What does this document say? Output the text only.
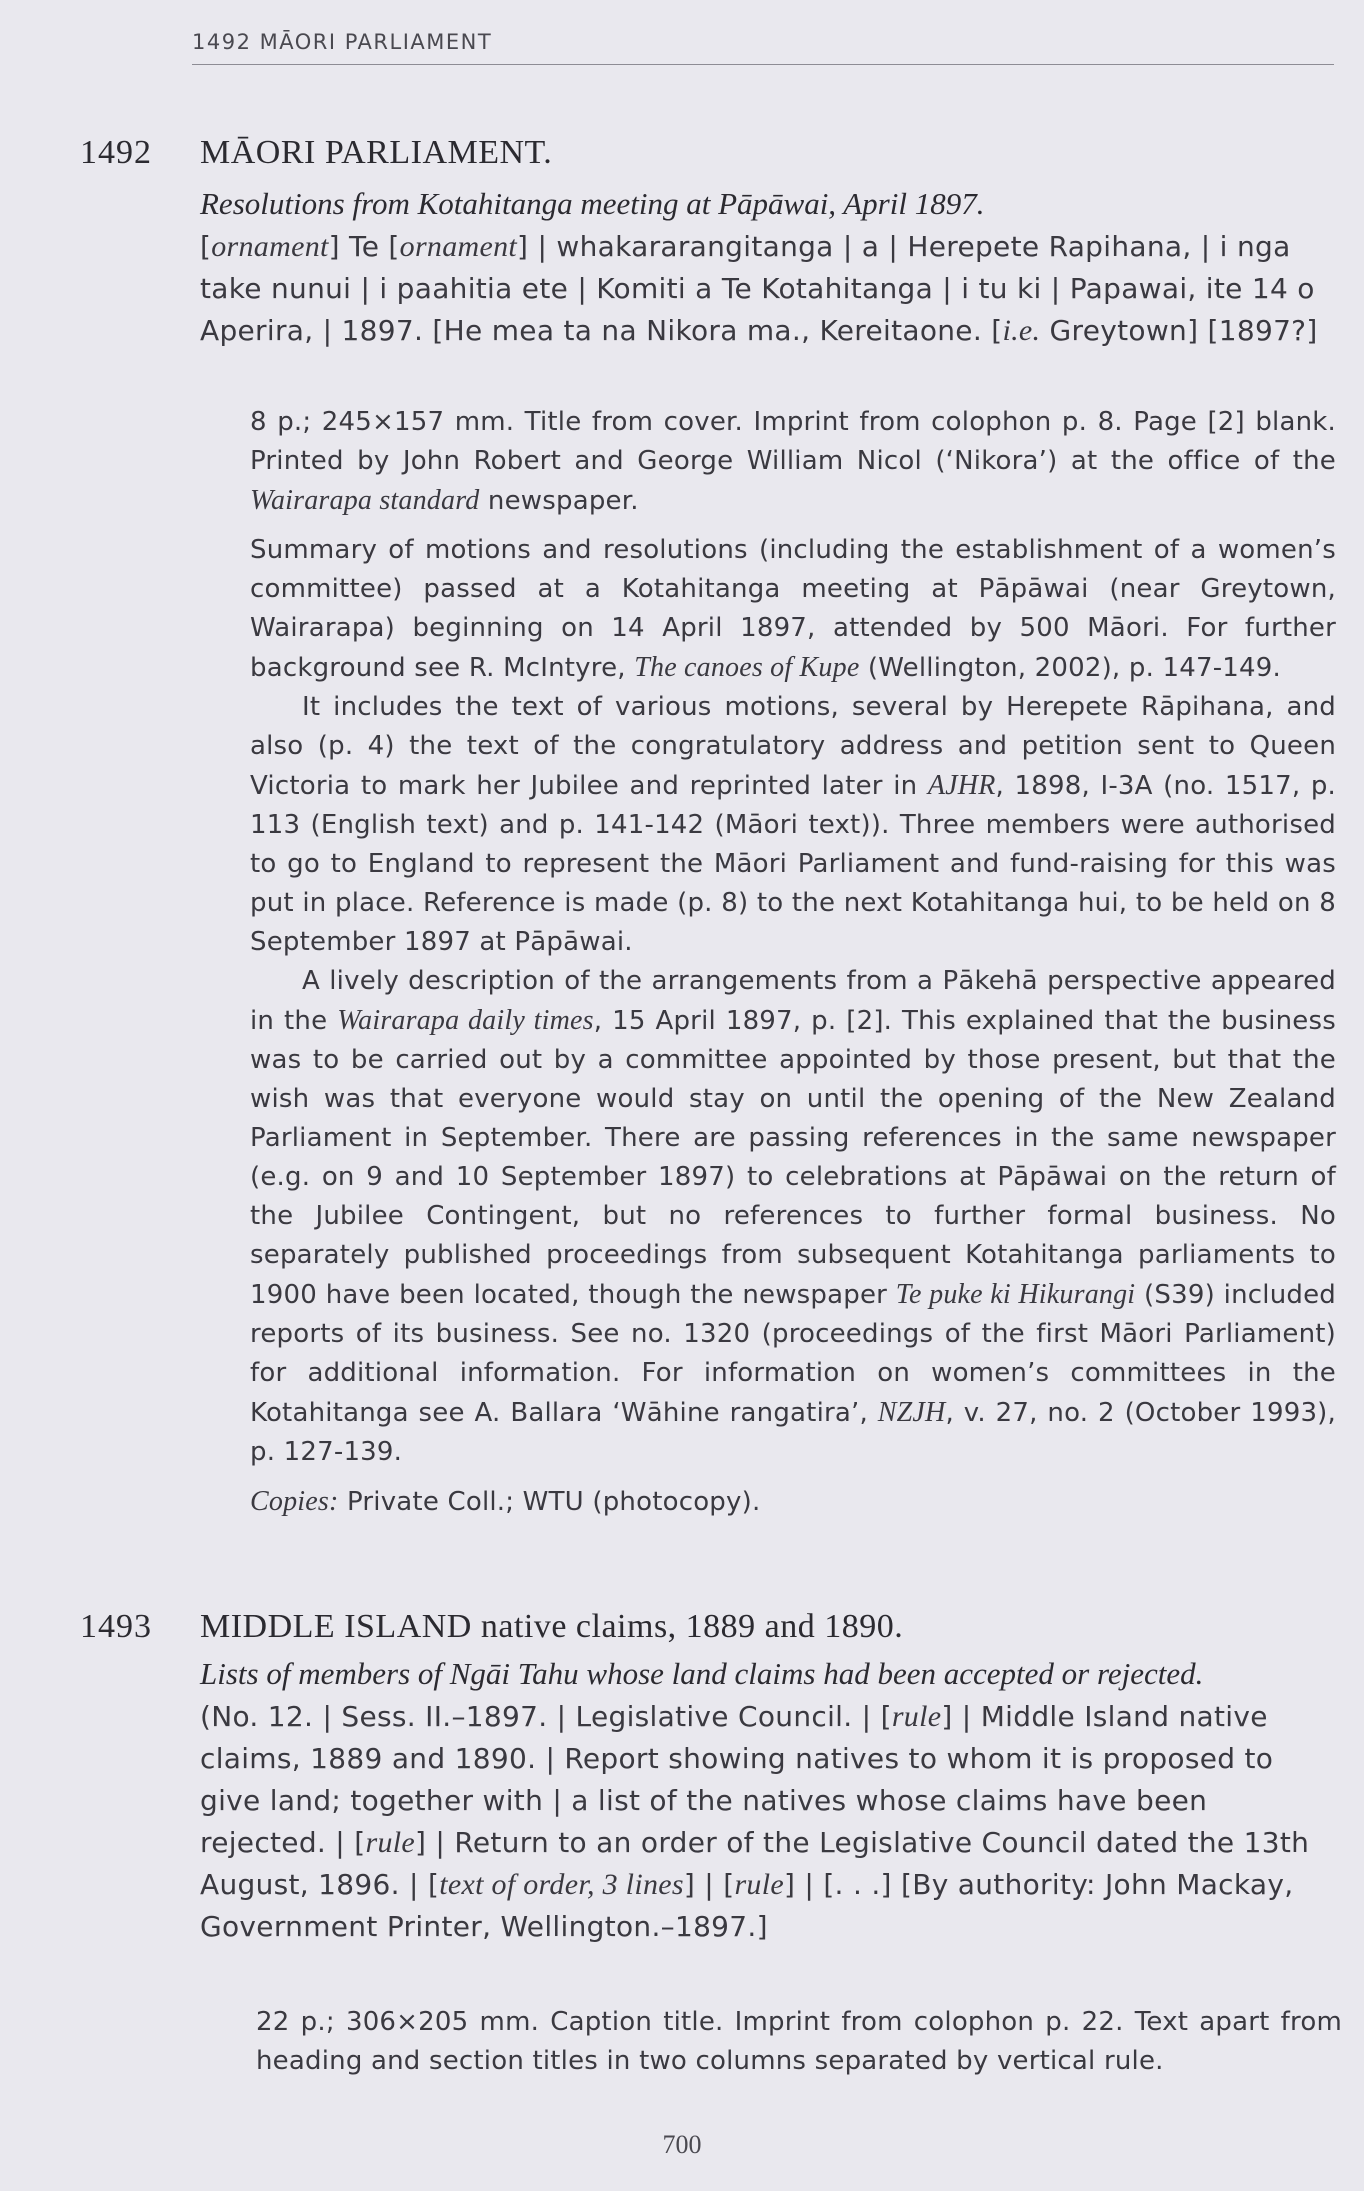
1492 MĀORI PARLIAMENT
1492 MĀORI PARLIAMENT.

Resolutions from Kotahitanga meeting at Pāpāwai, April 1897.

[ornament] Te [ornament] | whakararangitanga | a | Herepete Rapihana, | i nga take nunui | i paahitia ete | Komiti a Te Kotahitanga | i tu ki | Papawai, ite 14 o Aperira, | 1897. [He mea ta na Nikora ma., Kereitaone. [i.e. Greytown] [1897?]

8 p.; 245×157 mm. Title from cover. Imprint from colophon p. 8. Page [2] blank. Printed by John Robert and George William Nicol (‘Nikora’) at the office of the Wairarapa standard newspaper.

Summary of motions and resolutions (including the establishment of a women’s committee) passed at a Kotahitanga meeting at Pāpāwai (near Greytown, Wairarapa) beginning on 14 April 1897, attended by 500 Māori. For further background see R. McIntyre, The canoes of Kupe (Wellington, 2002), p. 147-149.

It includes the text of various motions, several by Herepete Rāpihana, and also (p. 4) the text of the congratulatory address and petition sent to Queen Victoria to mark her Jubilee and reprinted later in AJHR, 1898, I-3A (no. 1517, p. 113 (English text) and p. 141-142 (Māori text)). Three members were authorised to go to England to represent the Māori Parliament and fund-raising for this was put in place. Reference is made (p. 8) to the next Kotahitanga hui, to be held on 8 September 1897 at Pāpāwai.

A lively description of the arrangements from a Pākehā perspective appeared in the Wairarapa daily times, 15 April 1897, p. [2]. This explained that the business was to be carried out by a committee appointed by those present, but that the wish was that everyone would stay on until the opening of the New Zealand Parliament in September. There are passing references in the same newspaper (e.g. on 9 and 10 September 1897) to celebrations at Pāpāwai on the return of the Jubilee Contingent, but no references to further formal business. No separately published proceedings from subsequent Kotahitanga parliaments to 1900 have been located, though the newspaper Te puke ki Hikurangi (S39) included reports of its business. See no. 1320 (proceedings of the first Māori Parliament) for additional information. For information on women’s committees in the Kotahitanga see A. Ballara ‘Wāhine rangatira’, NZJH, v. 27, no. 2 (October 1993), p. 127-139.

Copies: Private Coll.; WTU (photocopy).

1493 MIDDLE ISLAND native claims, 1889 and 1890.

Lists of members of Ngāi Tahu whose land claims had been accepted or rejected.

(No. 12. | Sess. II.–1897. | Legislative Council. | [rule] | Middle Island native claims, 1889 and 1890. | Report showing natives to whom it is proposed to give land; together with | a list of the natives whose claims have been rejected. | [rule] | Return to an order of the Legislative Council dated the 13th August, 1896. | [text of order, 3 lines] | [rule] | [. . .] [By authority: John Mackay, Government Printer, Wellington.–1897.]

22 p.; 306×205 mm. Caption title. Imprint from colophon p. 22. Text apart from heading and section titles in two columns separated by vertical rule.

700
